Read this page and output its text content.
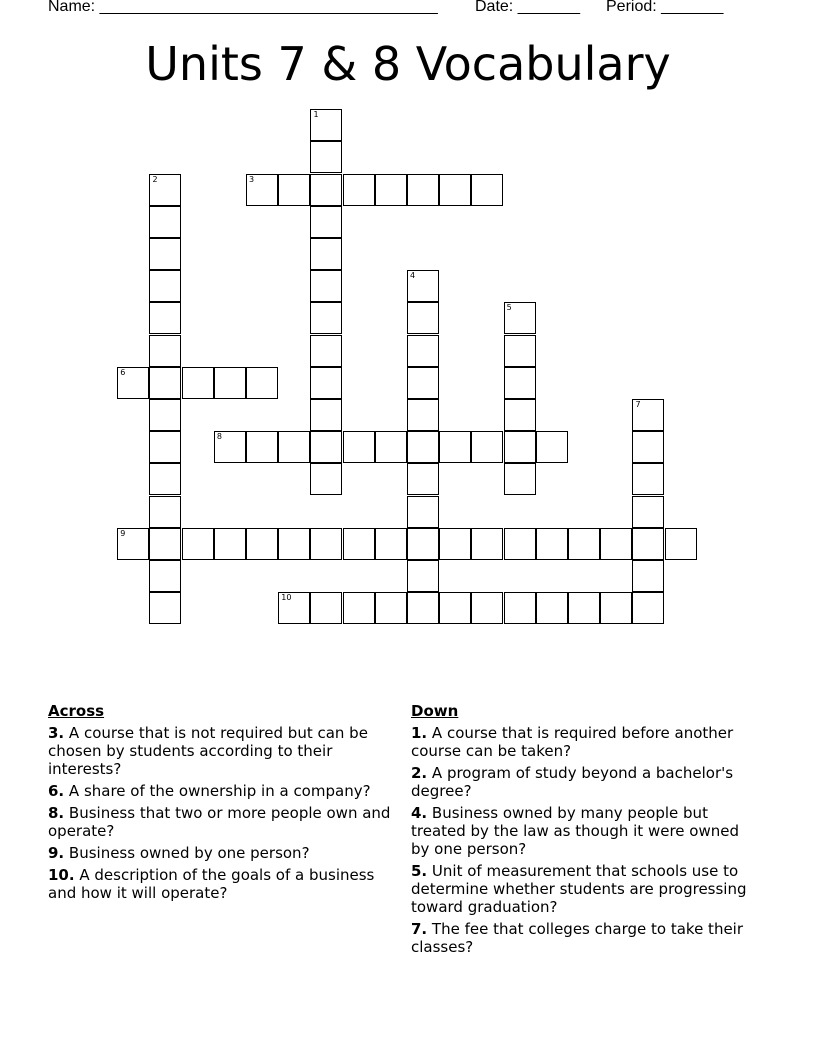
Name: ______________________________________ Date: _______ Period: _______
Units 7 & 8 Vocabulary
1
2	3
4
5
6
7
8
9
10
Across
3. A course that is not required but can be chosen by students according to their interests?
6. A share of the ownership in a company?
8. Business that two or more people own and operate?
9. Business owned by one person?
10. A description of the goals of a business and how it will operate?
Down
1. A course that is required before another course can be taken?
2. A program of study beyond a bachelor's degree?
4. Business owned by many people but treated by the law as though it were owned by one person?
5. Unit of measurement that schools use to determine whether students are progressing toward graduation?
7. The fee that colleges charge to take their classes?
